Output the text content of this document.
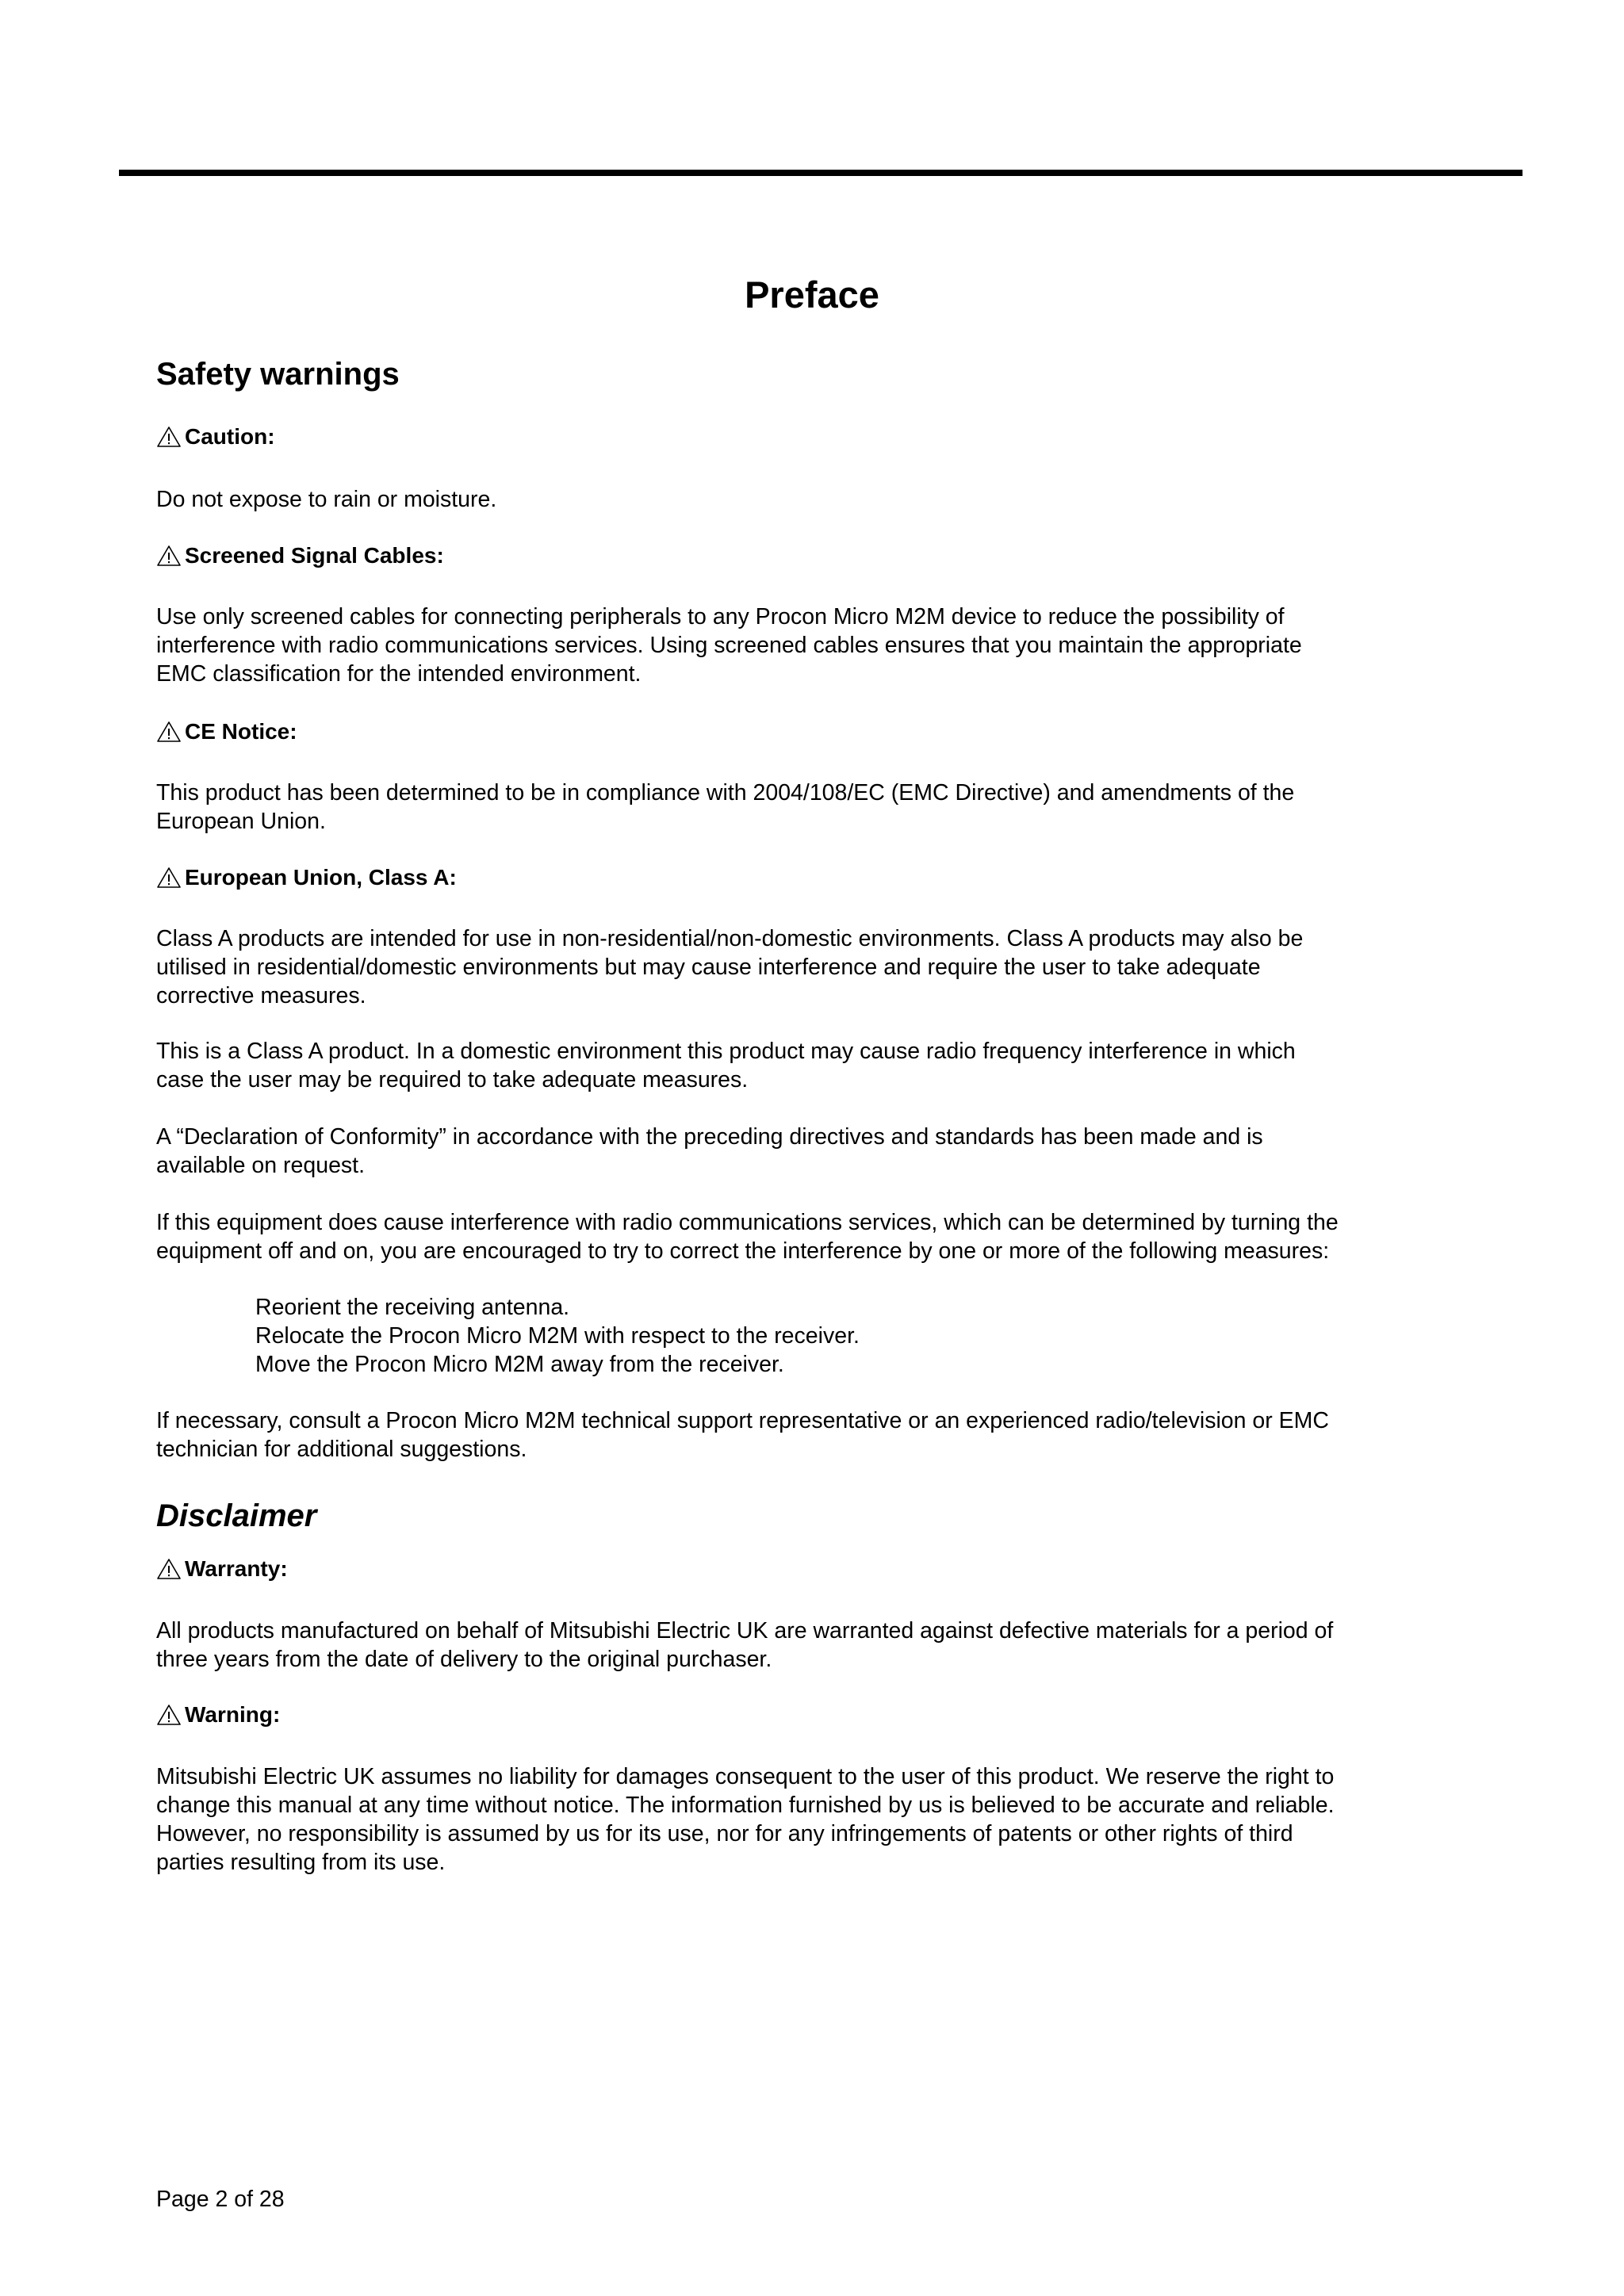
Preface
Safety warnings
Caution:

Do not expose to rain or moisture.

Screened Signal Cables:

Use only screened cables for connecting peripherals to any Procon Micro M2M device to reduce the possibility of
interference with radio communications services. Using screened cables ensures that you maintain the appropriate
EMC classification for the intended environment.

CE Notice:

This product has been determined to be in compliance with 2004/108/EC (EMC Directive) and amendments of the
European Union.

European Union, Class A:

Class A products are intended for use in non-residential/non-domestic environments. Class A products may also be
utilised in residential/domestic environments but may cause interference and require the user to take adequate
corrective measures.

This is a Class A product. In a domestic environment this product may cause radio frequency interference in which
case the user may be required to take adequate measures.

A “Declaration of Conformity” in accordance with the preceding directives and standards has been made and is
available on request.

If this equipment does cause interference with radio communications services, which can be determined by turning the
equipment off and on, you are encouraged to try to correct the interference by one or more of the following measures:

Reorient the receiving antenna.
Relocate the Procon Micro M2M with respect to the receiver.
Move the Procon Micro M2M away from the receiver.

If necessary, consult a Procon Micro M2M technical support representative or an experienced radio/television or EMC
technician for additional suggestions.

Disclaimer
Warranty:

All products manufactured on behalf of Mitsubishi Electric UK are warranted against defective materials for a period of
three years from the date of delivery to the original purchaser.

Warning:

Mitsubishi Electric UK assumes no liability for damages consequent to the user of this product. We reserve the right to
change this manual at any time without notice. The information furnished by us is believed to be accurate and reliable.
However, no responsibility is assumed by us for its use, nor for any infringements of patents or other rights of third
parties resulting from its use.

Page 2 of 28
